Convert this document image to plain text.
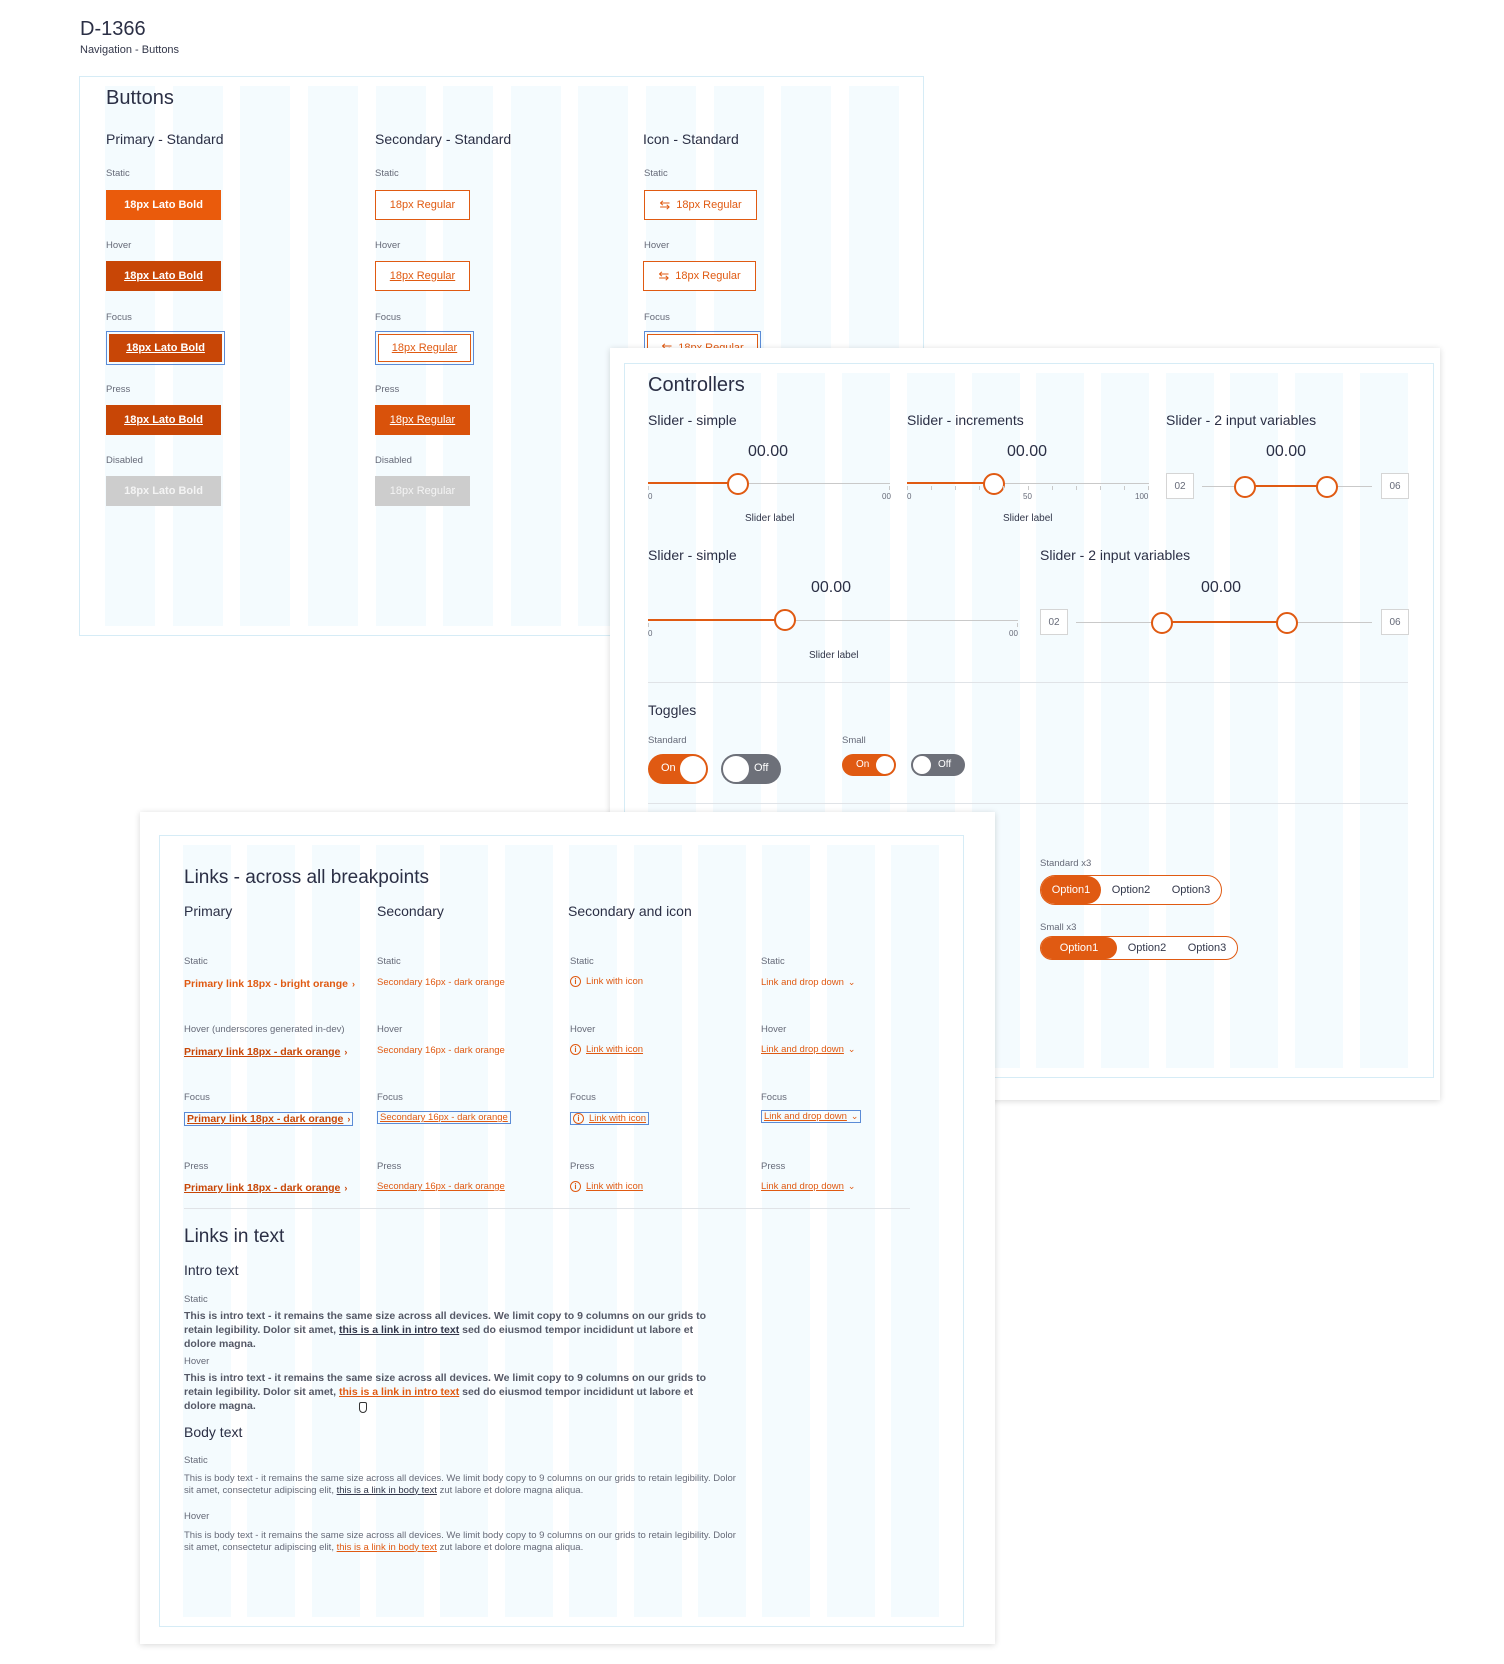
D-1366
Navigation - Buttons
Buttons
Primary - Standard	Secondary - Standard	Icon - Standard
Static
18px Lato Bold
Hover
18px Lato Bold
Focus
18px Lato Bold
Press
18px Lato Bold
Disabled
18px Lato Bold
Static
18px Regular
Hover
18px Regular
Focus
18px Regular
Press
18px Regular
Disabled
18px Regular
Static
⇆ 18px Regular
Hover
⇆ 18px Regular
Focus
Controllers
Slider - simple	Slider - increments	Slider - 2 input variables
00.00
0	00
Slider label
00.00
0	50	100
Slider label
00.00
02	06
Slider - simple	Slider - 2 input variables
00.00
0	00
Slider label
00.00
02	06
Toggles
Standard	Small
On	Off	On	Off
Standard x3
Option1	Option2	Option3
Small x3
Option1	Option2	Option3
Links - across all breakpoints
Primary	Secondary	Secondary and icon
Static
Primary link 18px - bright orange ›
Hover (underscores generated in-dev)
Primary link 18px - dark orange ›
Focus
Primary link 18px - dark orange ›
Press
Primary link 18px - dark orange ›
Static
Secondary 16px - dark orange
Hover
Secondary 16px - dark orange
Focus
Secondary 16px - dark orange
Press
Secondary 16px - dark orange
Static
i Link with icon
Hover
i Link with icon
Focus
i Link with icon
Press
i Link with icon
Static
Link and drop down ⌄
Hover
Link and drop down ⌄
Focus
Link and drop down ⌄
Press
Link and drop down ⌄
Links in text
Intro text
Static
This is intro text - it remains the same size across all devices. We limit copy to 9 columns on our grids to retain legibility. Dolor sit amet, this is a link in intro text sed do eiusmod tempor incididunt ut labore et dolore magna.
Hover
This is intro text - it remains the same size across all devices. We limit copy to 9 columns on our grids to retain legibility. Dolor sit amet, this is a link in intro text sed do eiusmod tempor incididunt ut labore et dolore magna.
Body text
Static
This is body text - it remains the same size across all devices. We limit body copy to 9 columns on our grids to retain legibility. Dolor sit amet, consectetur adipiscing elit, this is a link in body text zut labore et dolore magna aliqua.
Hover
This is body text - it remains the same size across all devices. We limit body copy to 9 columns on our grids to retain legibility. Dolor sit amet, consectetur adipiscing elit, this is a link in body text zut labore et dolore magna aliqua.
